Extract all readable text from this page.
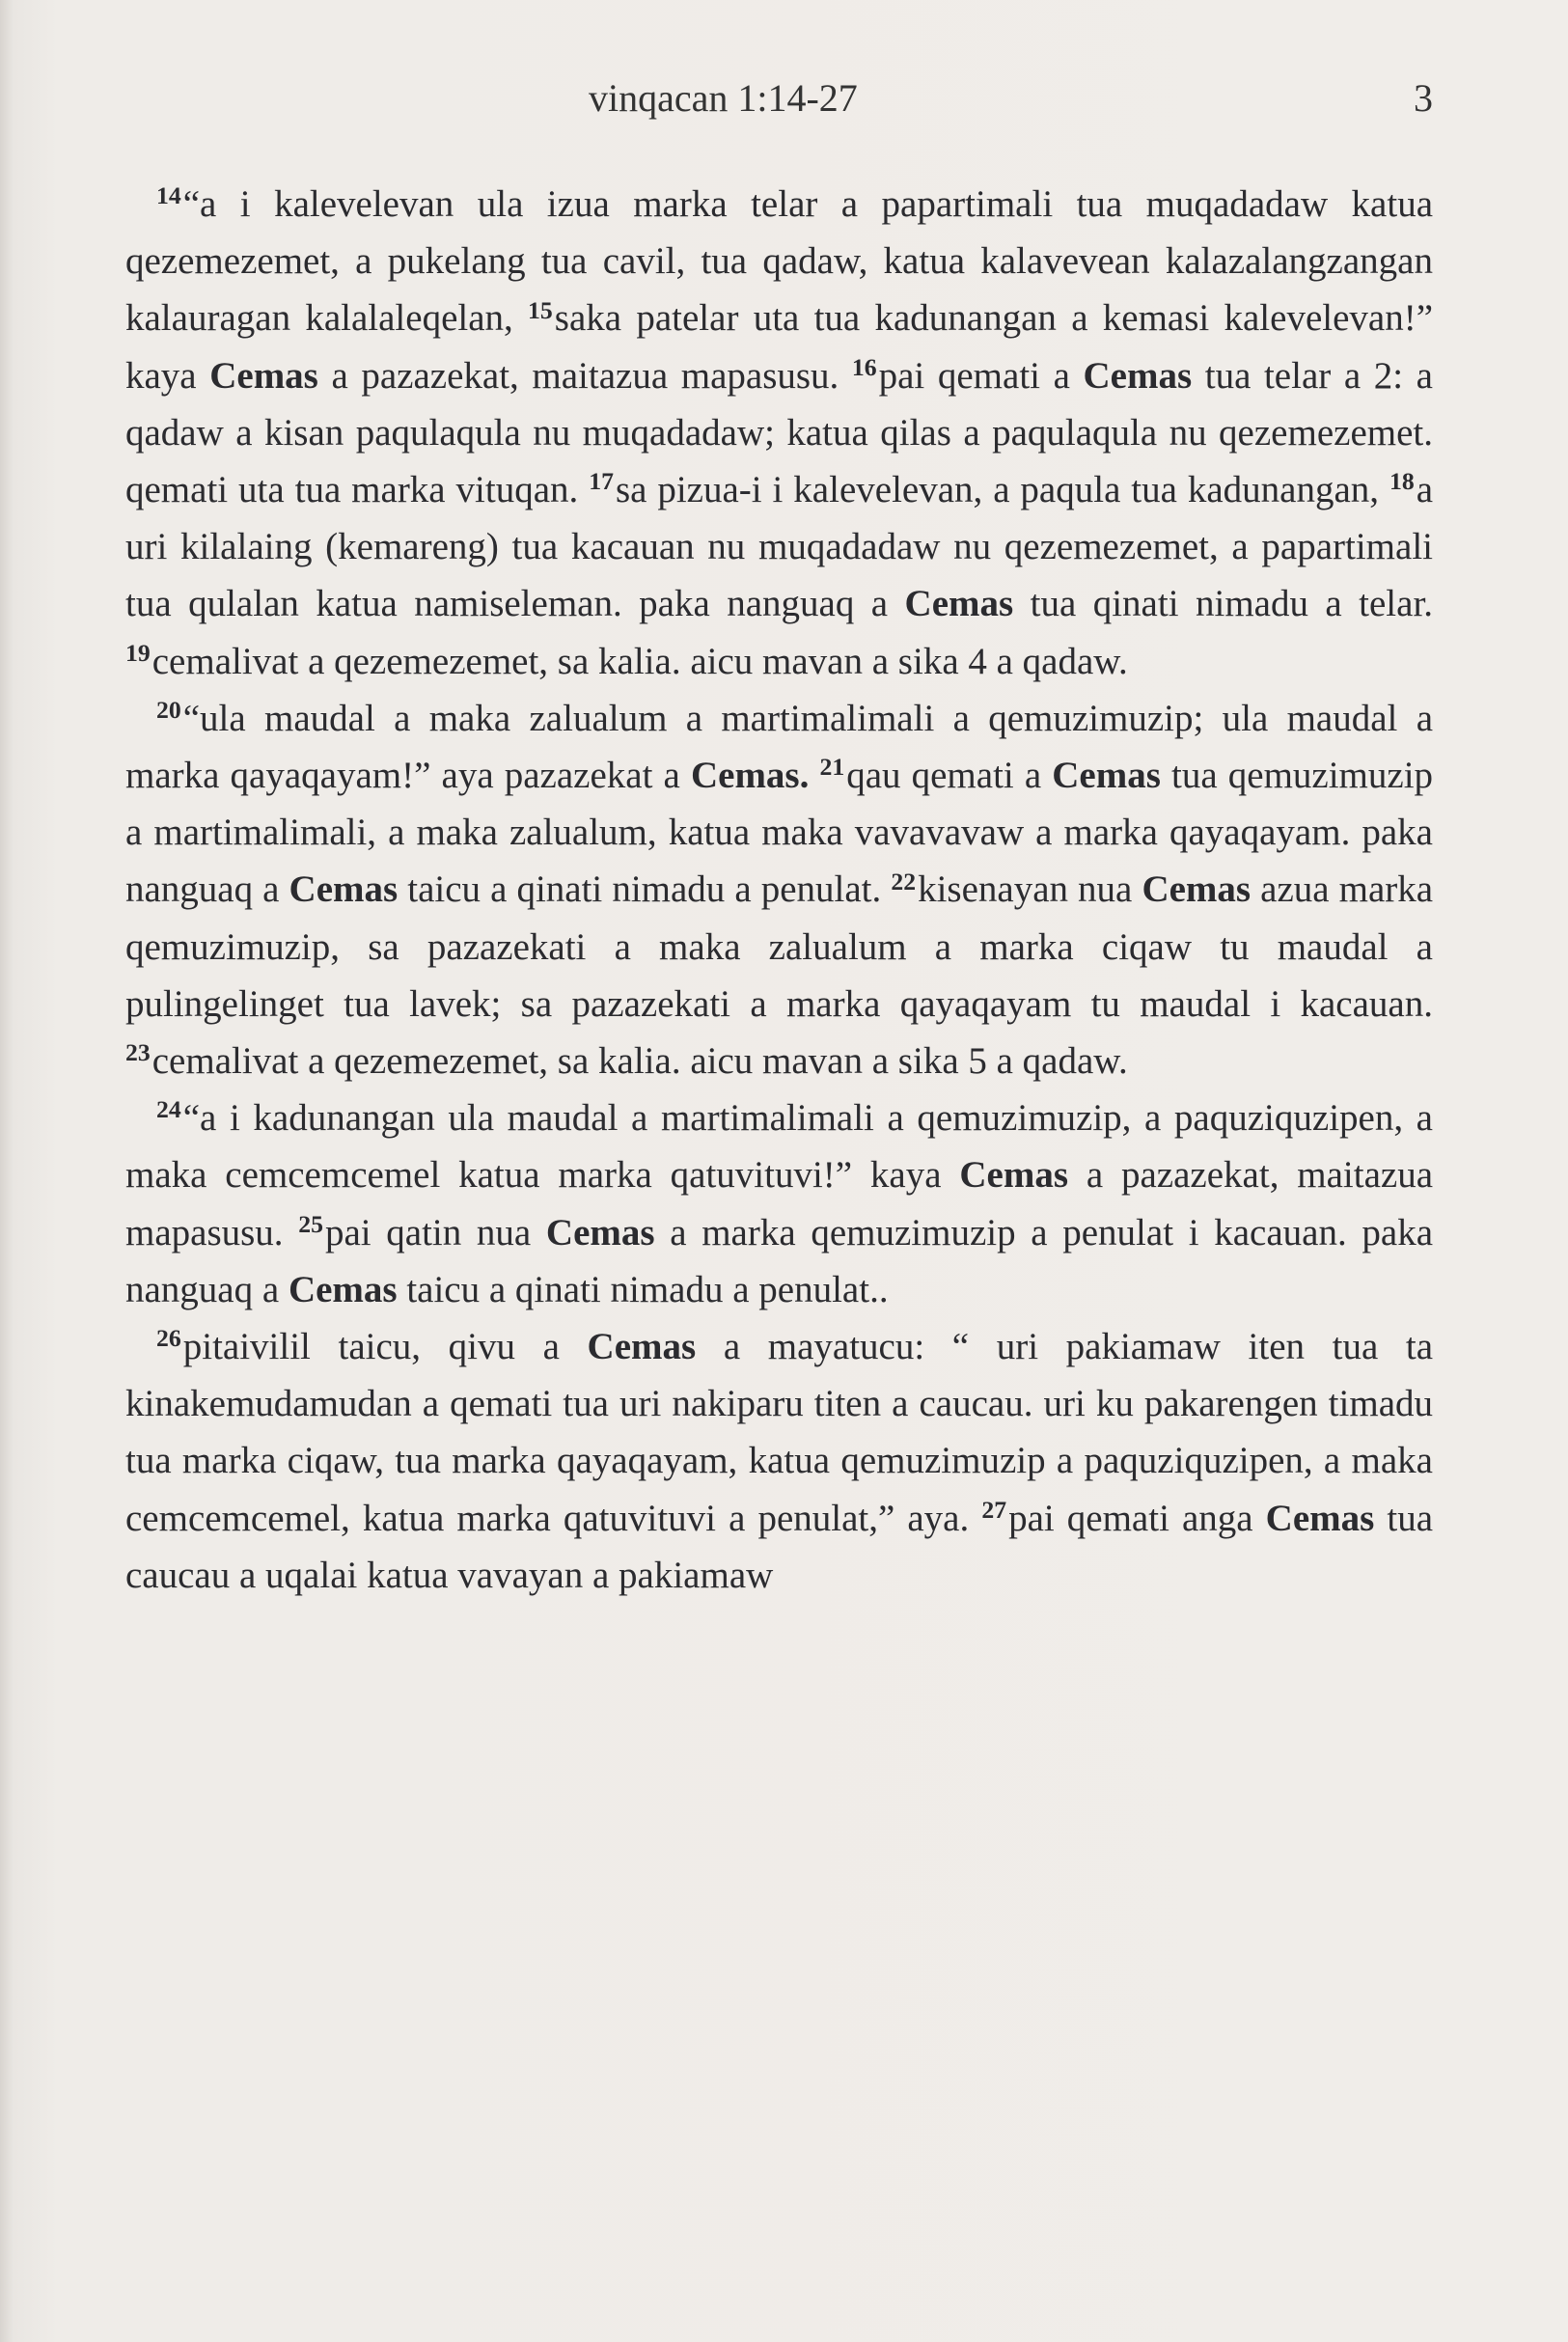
vinqacan 1:14-27	3

$^{14}$“a i kalevelevan ula izua marka telar a papartimali tua muqadadaw katua qezemezemet, a pukelang tua cavil, tua qadaw, katua kalavevean kalazalangzangan kalauragan kalalaleqelan, $^{15}$saka patelar uta tua kadunangan a kemasi kalevelevan!” kaya Cemas a pazazekat, maitazua mapasusu. $^{16}$pai qemati a Cemas tua telar a 2: a qadaw a kisan paqulaqula nu muqadadaw; katua qilas a paqulaqula nu qezemezemet. qemati uta tua marka vituqan. $^{17}$sa pizua-i i kalevelevan, a paqula tua kadunangan, $^{18}$a uri kilalaing (kemareng) tua kacauan nu muqadadaw nu qezemezemet, a papartimali tua qulalan katua namiseleman. paka nanguaq a Cemas tua qinati nimadu a telar. $^{19}$cemalivat a qezemezemet, sa kalia. aicu mavan a sika 4 a qadaw.

$^{20}$“ula maudal a maka zalualum a martimalimali a qemuzimuzip; ula maudal a marka qayaqayam!” aya pazazekat a Cemas. $^{21}$qau qemati a Cemas tua qemuzimuzip a martimalimali, a maka zalualum, katua maka vavavavaw a marka qayaqayam. paka nanguaq a Cemas taicu a qinati nimadu a penulat. $^{22}$kisenayan nua Cemas azua marka qemuzimuzip, sa pazazekati a maka zalualum a marka ciqaw tu maudal a pulingelinget tua lavek; sa pazazekati a marka qayaqayam tu maudal i kacauan. $^{23}$cemalivat a qezemezemet, sa kalia. aicu mavan a sika 5 a qadaw.

$^{24}$“a i kadunangan ula maudal a martimalimali a qemuzimuzip, a paquziquzipen, a maka cemcemcemel katua marka qatuvituvi!” kaya Cemas a pazazekat, maitazua mapasusu. $^{25}$pai qatin nua Cemas a marka qemuzimuzip a penulat i kacauan. paka nanguaq a Cemas taicu a qinati nimadu a penulat..

$^{26}$pitaivilil taicu, qivu a Cemas a mayatucu: “ uri pakiamaw iten tua ta kinakemudamudan a qemati tua uri nakiparu titen a caucau. uri ku pakarengen timadu tua marka ciqaw, tua marka qayaqayam, katua qemuzimuzip a paquziquzipen, a maka cemcemcemel, katua marka qatuvituvi a penulat,” aya. $^{27}$pai qemati anga Cemas tua caucau a uqalai katua vavayan a pakiamaw
